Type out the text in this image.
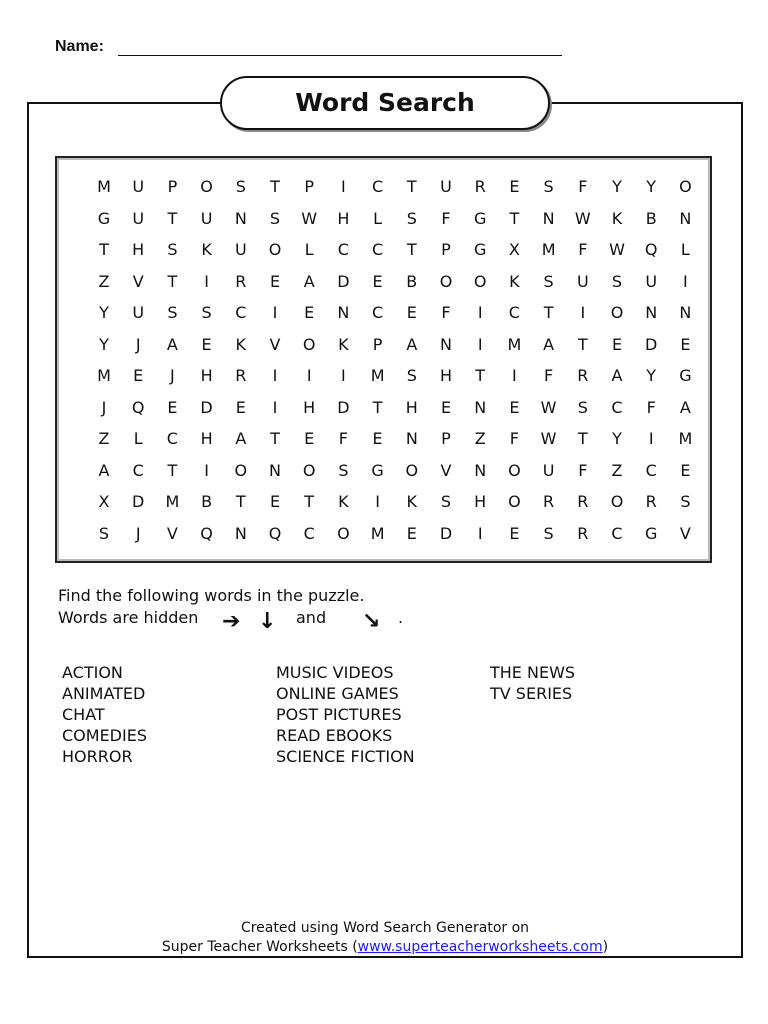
Name:
Word Search
M	U	P	O	S	T	P	I	C	T	U	R	E	S	F	Y	Y	O
G	U	T	U	N	S	W	H	L	S	F	G	T	N	W	K	B	N
T	H	S	K	U	O	L	C	C	T	P	G	X	M	F	W	Q	L
Z	V	T	I	R	E	A	D	E	B	O	O	K	S	U	S	U	I
Y	U	S	S	C	I	E	N	C	E	F	I	C	T	I	O	N	N
Y	J	A	E	K	V	O	K	P	A	N	I	M	A	T	E	D	E
M	E	J	H	R	I	I	I	M	S	H	T	I	F	R	A	Y	G
J	Q	E	D	E	I	H	D	T	H	E	N	E	W	S	C	F	A
Z	L	C	H	A	T	E	F	E	N	P	Z	F	W	T	Y	I	M
A	C	T	I	O	N	O	S	G	O	V	N	O	U	F	Z	C	E
X	D	M	B	T	E	T	K	I	K	S	H	O	R	R	O	R	S
S	J	V	Q	N	Q	C	O	M	E	D	I	E	S	R	C	G	V
Find the following words in the puzzle.
Words are hidden ➔ ↓ and ↘ .
ACTION
ANIMATED
CHAT
COMEDIES
HORROR
MUSIC VIDEOS
ONLINE GAMES
POST PICTURES
READ EBOOKS
SCIENCE FICTION
THE NEWS
TV SERIES
Created using Word Search Generator on
Super Teacher Worksheets (www.superteacherworksheets.com)
